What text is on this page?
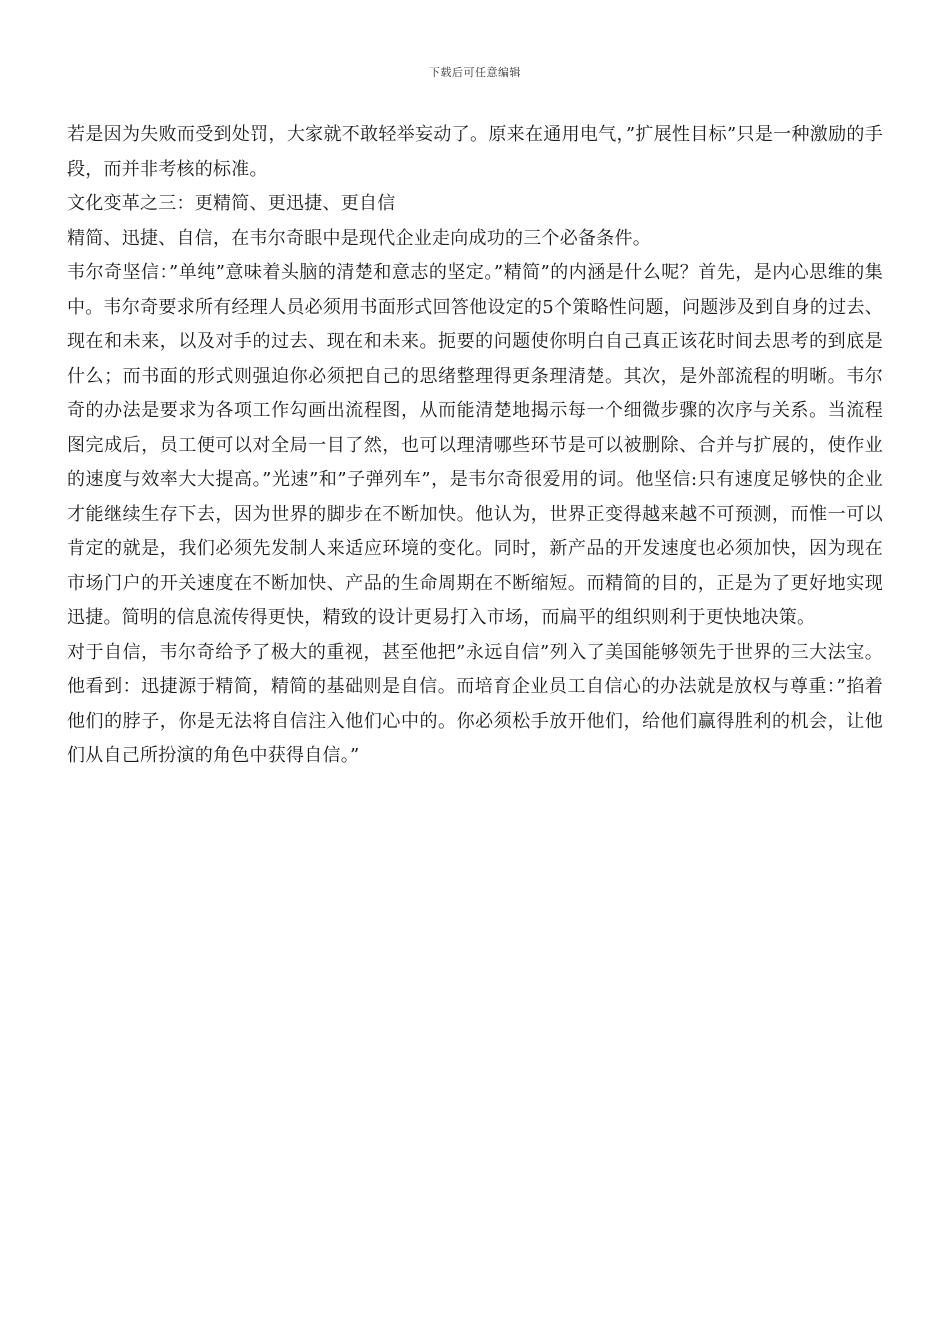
下载后可任意编辑

若是因为失败而受到处罚，大家就不敢轻举妄动了。原来在通用电气，”扩展性目标”只是一种激励的手段，而并非考核的标准。

文化变革之三：更精简、更迅捷、更自信

精简、迅捷、自信，在韦尔奇眼中是现代企业走向成功的三个必备条件。

韦尔奇坚信：”单纯”意味着头脑的清楚和意志的坚定。”精简”的内涵是什么呢？首先，是内心思维的集中。韦尔奇要求所有经理人员必须用书面形式回答他设定的5个策略性问题，问题涉及到自身的过去、现在和未来，以及对手的过去、现在和未来。扼要的问题使你明白自己真正该花时间去思考的到底是什么；而书面的形式则强迫你必须把自己的思绪整理得更条理清楚。其次，是外部流程的明晰。韦尔奇的办法是要求为各项工作勾画出流程图，从而能清楚地揭示每一个细微步骤的次序与关系。当流程图完成后，员工便可以对全局一目了然，也可以理清哪些环节是可以被删除、合并与扩展的，使作业的速度与效率大大提高。”光速”和”子弹列车”，是韦尔奇很爱用的词。他坚信:只有速度足够快的企业才能继续生存下去，因为世界的脚步在不断加快。他认为，世界正变得越来越不可预测，而惟一可以肯定的就是，我们必须先发制人来适应环境的变化。同时，新产品的开发速度也必须加快，因为现在市场门户的开关速度在不断加快、产品的生命周期在不断缩短。而精简的目的，正是为了更好地实现迅捷。简明的信息流传得更快，精致的设计更易打入市场，而扁平的组织则利于更快地决策。

对于自信，韦尔奇给予了极大的重视，甚至他把”永远自信”列入了美国能够领先于世界的三大法宝。他看到：迅捷源于精简，精简的基础则是自信。而培育企业员工自信心的办法就是放权与尊重：”掐着他们的脖子，你是无法将自信注入他们心中的。你必须松手放开他们，给他们赢得胜利的机会，让他们从自己所扮演的角色中获得自信。”
